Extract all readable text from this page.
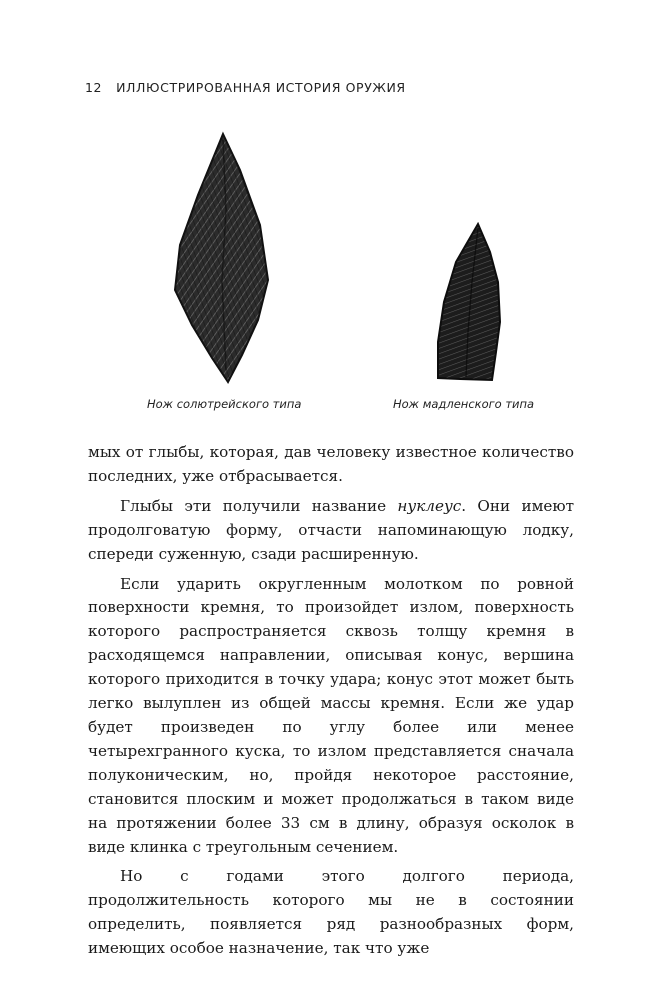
12 ИЛЛЮСТРИРОВАННАЯ ИСТОРИЯ ОРУЖИЯ
Нож солютрейского типа	Нож мадленского типа

мых от глыбы, которая, дав человеку известное количество последних, уже отбрасывается.

Глыбы эти получили название нуклеус. Они имеют продолговатую форму, отчасти напоминающую лодку, спереди суженную, сзади расширенную.

Если ударить округленным молотком по ровной поверхности кремня, то произойдет излом, поверхность которого распространяется сквозь толщу кремня в расходящемся направлении, описывая конус, вершина которого приходится в точку удара; конус этот может быть легко вылуплен из общей массы кремня. Если же удар будет произведен по углу более или менее четырехгранного куска, то излом представляется сначала полуконическим, но, пройдя некоторое расстояние, становится плоским и может продолжаться в таком виде на протяжении более 33 см в длину, образуя осколок в виде клинка с треугольным сечением.

Но с годами этого долгого периода, продолжительность которого мы не в состоянии определить, появляется ряд разнообразных форм, имеющих особое назначение, так что уже
